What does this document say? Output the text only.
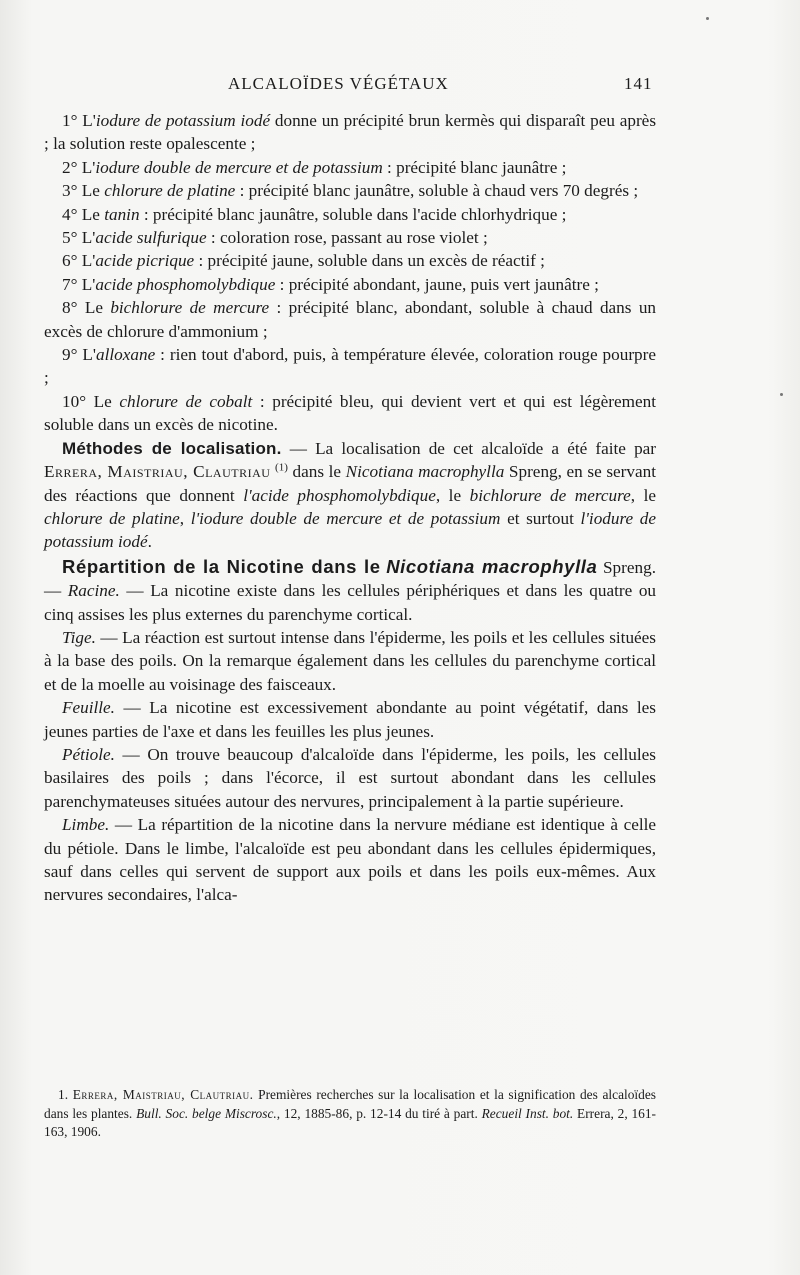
ALCALOÏDES VÉGÉTAUX	141

1° L'iodure de potassium iodé donne un précipité brun kermès qui disparaît peu après ; la solution reste opalescente ;

2° L'iodure double de mercure et de potassium : précipité blanc jaunâtre ;

3° Le chlorure de platine : précipité blanc jaunâtre, soluble à chaud vers 70 degrés ;

4° Le tanin : précipité blanc jaunâtre, soluble dans l'acide chlorhydrique ;

5° L'acide sulfurique : coloration rose, passant au rose violet ;

6° L'acide picrique : précipité jaune, soluble dans un excès de réactif ;

7° L'acide phosphomolybdique : précipité abondant, jaune, puis vert jaunâtre ;

8° Le bichlorure de mercure : précipité blanc, abondant, soluble à chaud dans un excès de chlorure d'ammonium ;

9° L'alloxane : rien tout d'abord, puis, à température élevée, coloration rouge pourpre ;

10° Le chlorure de cobalt : précipité bleu, qui devient vert et qui est légèrement soluble dans un excès de nicotine.

Méthodes de localisation. — La localisation de cet alcaloïde a été faite par Errera, Maistriau, Clautriau $^{(1)}$ dans le Nicotiana macrophylla Spreng, en se servant des réactions que donnent l'acide phosphomolybdique, le bichlorure de mercure, le chlorure de platine, l'iodure double de mercure et de potassium et surtout l'iodure de potassium iodé.

Répartition de la Nicotine dans le Nicotiana macrophylla Spreng. — Racine. — La nicotine existe dans les cellules périphériques et dans les quatre ou cinq assises les plus externes du parenchyme cortical.

Tige. — La réaction est surtout intense dans l'épiderme, les poils et les cellules situées à la base des poils. On la remarque également dans les cellules du parenchyme cortical et de la moelle au voisinage des faisceaux.

Feuille. — La nicotine est excessivement abondante au point végétatif, dans les jeunes parties de l'axe et dans les feuilles les plus jeunes.

Pétiole. — On trouve beaucoup d'alcaloïde dans l'épiderme, les poils, les cellules basilaires des poils ; dans l'écorce, il est surtout abondant dans les cellules parenchymateuses situées autour des nervures, principalement à la partie supérieure.

Limbe. — La répartition de la nicotine dans la nervure médiane est identique à celle du pétiole. Dans le limbe, l'alcaloïde est peu abondant dans les cellules épidermiques, sauf dans celles qui servent de support aux poils et dans les poils eux-mêmes. Aux nervures secondaires, l'alca-

1. Errera, Maistriau, Clautriau. Premières recherches sur la localisation et la signification des alcaloïdes dans les plantes. Bull. Soc. belge Miscrosc., 12, 1885-86, p. 12-14 du tiré à part. Recueil Inst. bot. Errera, 2, 161-163, 1906.
